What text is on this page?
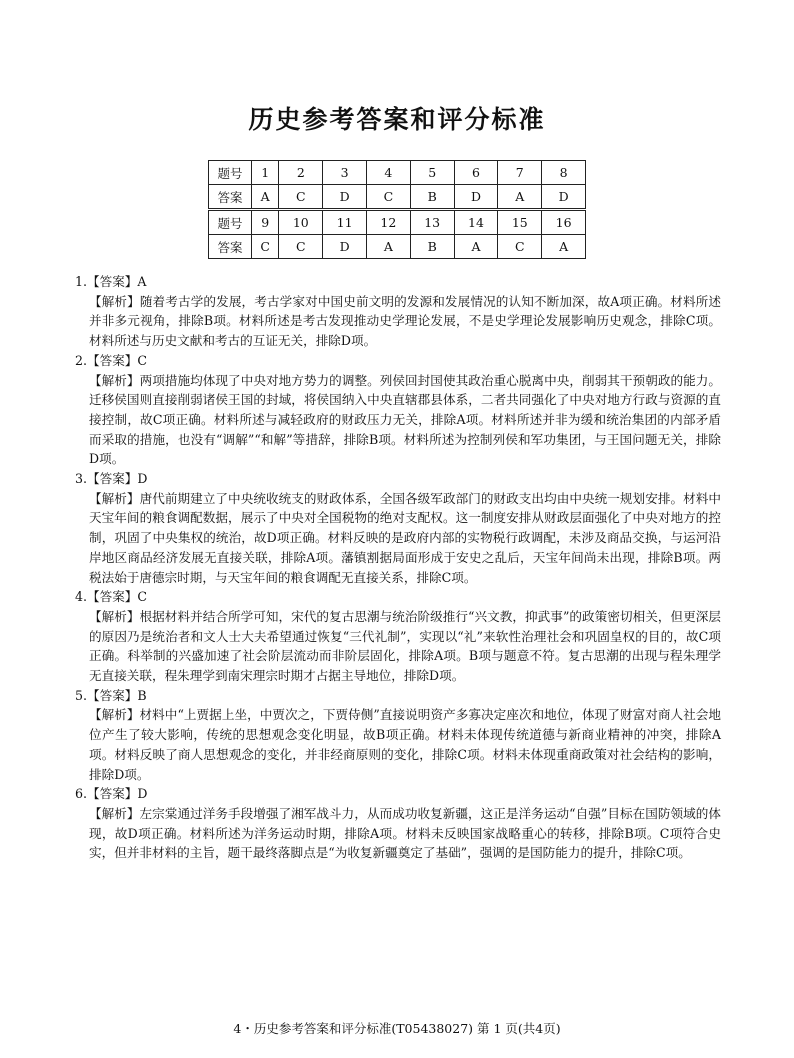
历史参考答案和评分标准
题号	1	2	3	4	5	6	7	8
答案	A	C	D	C	B	D	A	D
题号	9	10	11	12	13	14	15	16
答案	C	C	D	A	B	A	C	A

1.【答案】A

【解析】随着考古学的发展，考古学家对中国史前文明的发源和发展情况的认知不断加深，故A项正确。材料所述并非多元视角，排除B项。材料所述是考古发现推动史学理论发展，不是史学理论发展影响历史观念，排除C项。材料所述与历史文献和考古的互证无关，排除D项。

2.【答案】C

【解析】两项措施均体现了中央对地方势力的调整。列侯回封国使其政治重心脱离中央，削弱其干预朝政的能力。迁移侯国则直接削弱诸侯王国的封域，将侯国纳入中央直辖郡县体系，二者共同强化了中央对地方行政与资源的直接控制，故C项正确。材料所述与减轻政府的财政压力无关，排除A项。材料所述并非为缓和统治集团的内部矛盾而采取的措施，也没有“调解”“和解”等措辞，排除B项。材料所述为控制列侯和军功集团，与王国问题无关，排除D项。

3.【答案】D

【解析】唐代前期建立了中央统收统支的财政体系，全国各级军政部门的财政支出均由中央统一规划安排。材料中天宝年间的粮食调配数据，展示了中央对全国税物的绝对支配权。这一制度安排从财政层面强化了中央对地方的控制，巩固了中央集权的统治，故D项正确。材料反映的是政府内部的实物税行政调配，未涉及商品交换，与运河沿岸地区商品经济发展无直接关联，排除A项。藩镇割据局面形成于安史之乱后，天宝年间尚未出现，排除B项。两税法始于唐德宗时期，与天宝年间的粮食调配无直接关系，排除C项。

4.【答案】C

【解析】根据材料并结合所学可知，宋代的复古思潮与统治阶级推行“兴文教，抑武事”的政策密切相关，但更深层的原因乃是统治者和文人士大夫希望通过恢复“三代礼制”，实现以“礼”来软性治理社会和巩固皇权的目的，故C项正确。科举制的兴盛加速了社会阶层流动而非阶层固化，排除A项。B项与题意不符。复古思潮的出现与程朱理学无直接关联，程朱理学到南宋理宗时期才占据主导地位，排除D项。

5.【答案】B

【解析】材料中“上贾据上坐，中贾次之，下贾侍侧”直接说明资产多寡决定座次和地位，体现了财富对商人社会地位产生了较大影响，传统的思想观念变化明显，故B项正确。材料未体现传统道德与新商业精神的冲突，排除A项。材料反映了商人思想观念的变化，并非经商原则的变化，排除C项。材料未体现重商政策对社会结构的影响，排除D项。

6.【答案】D

【解析】左宗棠通过洋务手段增强了湘军战斗力，从而成功收复新疆，这正是洋务运动“自强”目标在国防领域的体现，故D项正确。材料所述为洋务运动时期，排除A项。材料未反映国家战略重心的转移，排除B项。C项符合史实，但并非材料的主旨，题干最终落脚点是“为收复新疆奠定了基础”，强调的是国防能力的提升，排除C项。

4・历史参考答案和评分标准(T05438027) 第 1 页(共4页)
